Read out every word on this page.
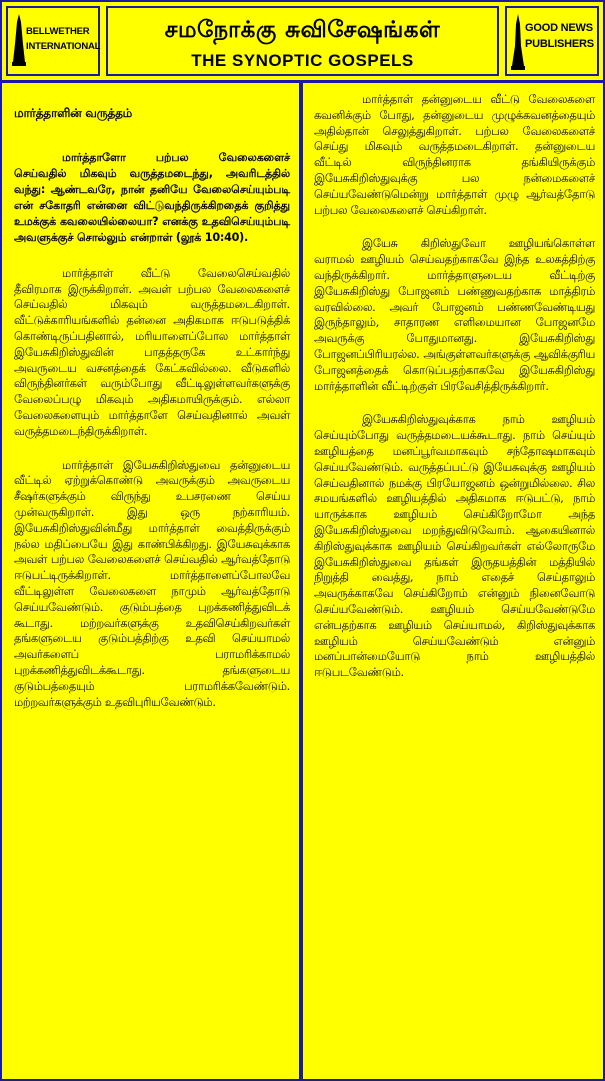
BELLWETHER
INTERNATIONAL
சமநோக்கு சுவிசேஷங்கள்
THE SYNOPTIC GOSPELS
GOOD NEWS
PUBLISHERS
மார்த்தாளின் வருத்தம்

மார்த்தாளோ பற்பல வேலைகளைச் செய்வதில் மிகவும் வருத்தமடைந்து, அவரிடத்தில் வந்து: ஆண்டவரே, நான் தனியே வேலைசெய்யும்படி என் சகோதரி என்னை விட்டுவந்திருக்கிறதைக் குறித்து உமக்குக் கவலையில்லையா? எனக்கு உதவிசெய்யும்படி அவளுக்குச் சொல்லும் என்றாள் (லூக் 10:40).

மார்த்தாள் வீட்டு வேலைசெய்வதில் தீவிரமாக இருக்கிறாள். அவள் பற்பல வேலைகளைச் செய்வதில் மிகவும் வருத்தமடைகிறாள். வீட்டுக்காரியங்களில் தன்னை அதிகமாக ஈடுபடுத்திக் கொண்டிருப்பதினால், மரியாளைப்போல மார்த்தாள் இயேசுகிறிஸ்துவின் பாதத்தருகே உட்கார்ந்து அவருடைய வசனத்தைக் கேட்கவில்லை. வீடுகளில் விருந்தினர்கள் வரும்போது வீட்டிலுள்ளவர்களுக்கு வேலைப்பழு மிகவும் அதிகமாயிருக்கும். எல்லா வேலைகளையும் மார்த்தாளே செய்வதினால் அவள் வருத்தமடைந்திருக்கிறாள்.

மார்த்தாள் இயேசுகிறிஸ்துவை தன்னுடைய வீட்டில் ஏற்றுக்கொண்டு அவருக்கும் அவருடைய சீஷர்களுக்கும் விருந்து உபசரணை செய்ய முன்வருகிறாள். இது ஒரு நற்காரியம். இயேசுகிறிஸ்துவின்மீது மார்த்தாள் வைத்திருக்கும் நல்ல மதிப்பையே இது காண்பிக்கிறது. இயேசுவுக்காக அவள் பற்பல வேலைகளைச் செய்வதில் ஆர்வத்தோடு ஈடுபட்டிருக்கிறாள். மார்த்தாளைப்போலவே வீட்டிலுள்ள வேலைகளை நாமும் ஆர்வத்தோடு செய்யவேண்டும். குடும்பத்தை புறக்கணித்துவிடக் கூடாது. மற்றவர்களுக்கு உதவிசெய்கிறவர்கள் தங்களுடைய குடும்பத்திற்கு உதவி செய்யாமல் அவர்களைப் பராமரிக்காமல் புறக்கணித்துவிடக்கூடாது. தங்களுடைய குடும்பத்தையும் பராமரிக்கவேண்டும். மற்றவர்களுக்கும் உதவிபுரியவேண்டும்.

மார்த்தாள் தன்னுடைய வீட்டு வேலைகளை கவனிக்கும் போது, தன்னுடைய முழுக்கவனத்தையும் அதில்தான் செலுத்துகிறாள். பற்பல வேலைகளைச் செய்து மிகவும் வருத்தமடைகிறாள். தன்னுடைய வீட்டில் விருந்தினராக தங்கியிருக்கும் இயேசுகிறிஸ்துவுக்கு பல நன்மைகளைச் செய்யவேண்டுமென்று மார்த்தாள் முழு ஆர்வத்தோடு பற்பல வேலைகளைச் செய்கிறாள்.

இயேசு கிறிஸ்துவோ ஊழியங்கொள்ள வராமல் ஊழியம் செய்வதற்காகவே இந்த உலகத்திற்கு வந்திருக்கிறார். மார்த்தாளுடைய வீட்டிற்கு இயேசுகிறிஸ்து போஜனம் பண்ணுவதற்காக மாத்திரம் வரவில்லை. அவர் போஜனம் பண்ணவேண்டியது இருந்தாலும், சாதாரண எளிமையான போஜனமே அவருக்கு போதுமானது. இயேசுகிறிஸ்து போஜனப்பிரியரல்ல. அங்குள்ளவர்களுக்கு ஆவிக்குரிய போஜனத்தைக் கொடுப்பதற்காகவே இயேசுகிறிஸ்து மார்த்தாளின் வீட்டிற்குள் பிரவேசித்திருக்கிறார்.

இயேசுகிறிஸ்துவுக்காக நாம் ஊழியம் செய்யும்போது வருத்தமடையக்கூடாது. நாம் செய்யும் ஊழியத்தை மனப்பூர்வமாகவும் சந்தோஷமாகவும் செய்யவேண்டும். வருத்தப்பட்டு இயேசுவுக்கு ஊழியம் செய்வதினால் நமக்கு பிரயோஜனம் ஒன்றுமில்லை. சில சமயங்களில் ஊழியத்தில் அதிகமாக ஈடுபட்டு, நாம் யாருக்காக ஊழியம் செய்கிறோமோ அந்த இயேசுகிறிஸ்துவை மறந்துவிடுவோம். ஆகையினால் கிறிஸ்துவுக்காக ஊழியம் செய்கிறவர்கள் எல்லோருமே இயேசுகிறிஸ்துவை தங்கள் இருதயத்தின் மத்தியில் நிறுத்தி வைத்து, நாம் எதைச் செய்தாலும் அவருக்காகவே செய்கிறோம் என்னும் நினைவோடு செய்யவேண்டும். ஊழியம் செய்யவேண்டுமே என்பதற்காக ஊழியம் செய்யாமல், கிறிஸ்துவுக்காக ஊழியம் செய்யவேண்டும் என்னும் மனப்பான்மையோடு நாம் ஊழியத்தில் ஈடுபடவேண்டும்.
